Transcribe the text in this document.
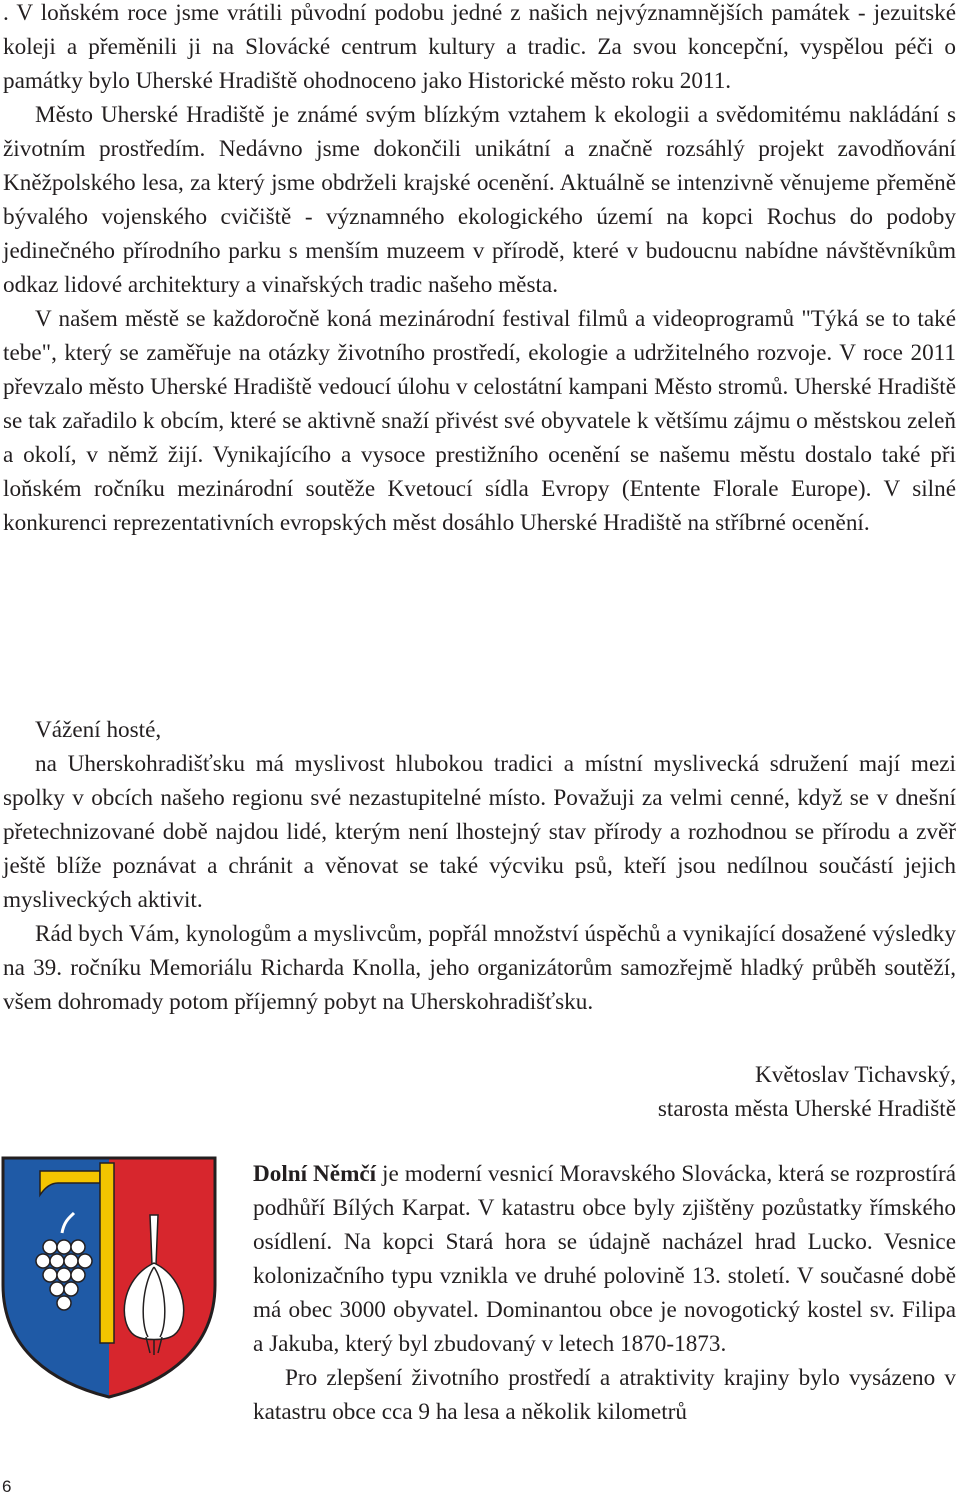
. V loňském roce jsme vrátili původní podobu jedné z našich nejvýznamnějších památek - jezuitské koleji a přeměnili ji na Slovácké centrum kultury a tradic. Za svou koncepční, vyspělou péči o památky bylo Uherské Hradiště ohodnoceno jako Historické město roku 2011.

Město Uherské Hradiště je známé svým blízkým vztahem k ekologii a svědomitému nakládání s životním prostředím. Nedávno jsme dokončili unikátní a značně rozsáhlý projekt zavodňování Kněžpolského lesa, za který jsme obdrželi krajské ocenění. Aktuálně se intenzivně věnujeme přeměně bývalého vojenského cvičiště - významného ekologického území na kopci Rochus do podoby jedinečného přírodního parku s menším muzeem v přírodě, které v budoucnu nabídne návštěvníkům odkaz lidové architektury a vinařských tradic našeho města.

V našem městě se každoročně koná mezinárodní festival filmů a videoprogramů "Týká se to také tebe", který se zaměřuje na otázky životního prostředí, ekologie a udržitelného rozvoje. V roce 2011 převzalo město Uherské Hradiště vedoucí úlohu v celostátní kampani Město stromů. Uherské Hradiště se tak zařadilo k obcím, které se aktivně snaží přivést své obyvatele k většímu zájmu o městskou zeleň a okolí, v němž žijí. Vynikajícího a vysoce prestižního ocenění se našemu městu dostalo také při loňském ročníku mezinárodní soutěže Kvetoucí sídla Evropy (Entente Florale Europe). V silné konkurenci reprezentativních evropských měst dosáhlo Uherské Hradiště na stříbrné ocenění.

Vážení hosté,

na Uherskohradišťsku má myslivost hlubokou tradici a místní myslivecká sdružení mají mezi spolky v obcích našeho regionu své nezastupitelné místo. Považuji za velmi cenné, když se v dnešní přetechnizované době najdou lidé, kterým není lhostejný stav přírody a rozhodnou se přírodu a zvěř ještě blíže poznávat a chránit a věnovat se také výcviku psů, kteří jsou nedílnou součástí jejich mysliveckých aktivit.

Rád bych Vám, kynologům a myslivcům, popřál množství úspěchů a vynikající dosažené výsledky na 39. ročníku Memoriálu Richarda Knolla, jeho organizátorům samozřejmě hladký průběh soutěží, všem dohromady potom příjemný pobyt na Uherskohradišťsku.

Květoslav Tichavský,

starosta města Uherské Hradiště

Dolní Němčí je moderní vesnicí Moravského Slovácka, která se rozprostírá podhůří Bílých Karpat. V katastru obce byly zjištěny pozůstatky římského osídlení. Na kopci Stará hora se údajně nacházel hrad Lucko. Vesnice kolonizačního typu vznikla ve druhé polovině 13. století. V současné době má obec 3000 obyvatel. Dominantou obce je novogotický kostel sv. Filipa a Jakuba, který byl zbudovaný v letech 1870-1873.

Pro zlepšení životního prostředí a atraktivity krajiny bylo vysázeno v katastru obce cca 9 ha lesa a několik kilometrů

6
